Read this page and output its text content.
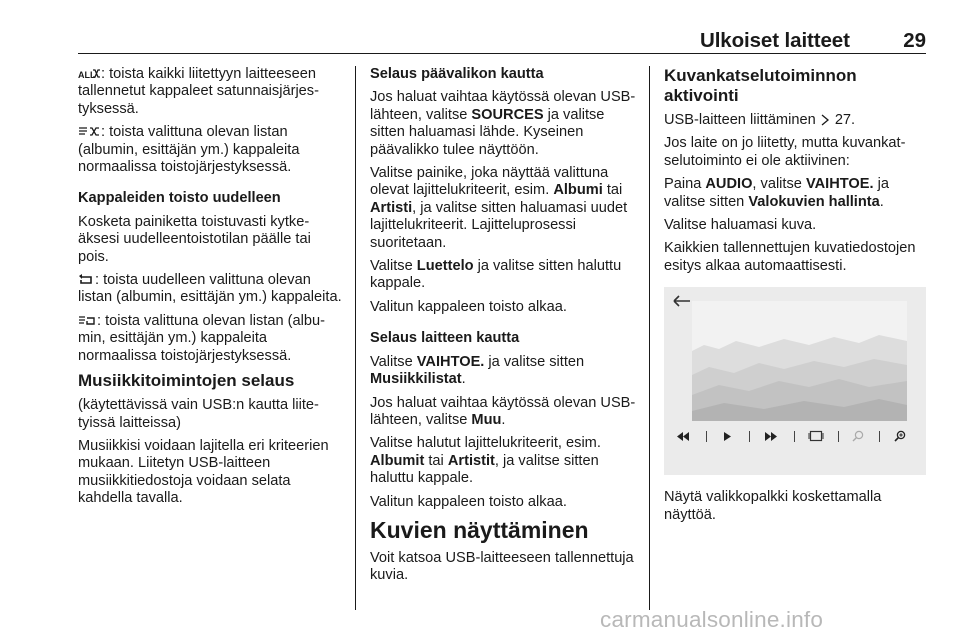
Ulkoiset laitteet	29

ALL : toista kaikki liitettyyn laitteeseen tallennetut kappaleet satunnaisjärjestyksessä.

: toista valittuna olevan listan (albumin, esittäjän ym.) kappaleita normaalissa toistojärjestyksessä.

Kappaleiden toisto uudelleen

Kosketa painiketta toistuvasti kytkeäksesi uudelleentoistotilan päälle tai pois.

: toista uudelleen valittuna olevan listan (albumin, esittäjän ym.) kappaleita.

: toista valittuna olevan listan (albumin, esittäjän ym.) kappaleita normaalissa toistojärjestyksessä.

Musiikkitoimintojen selaus

(käytettävissä vain USB:n kautta liitetyissä laitteissa)

Musiikkisi voidaan lajitella eri kriteerien mukaan. Liitetyn USB-laitteen musiikkitiedostoja voidaan selata kahdella tavalla.

Selaus päävalikon kautta

Jos haluat vaihtaa käytössä olevan USB-lähteen, valitse SOURCES ja valitse sitten haluamasi lähde. Kyseinen päävalikko tulee näyttöön.

Valitse painike, joka näyttää valittuna olevat lajittelukriteerit, esim. Albumi tai Artisti, ja valitse sitten haluamasi uudet lajittelukriteerit. Lajitteluprosessi suoritetaan.

Valitse Luettelo ja valitse sitten haluttu kappale.

Valitun kappaleen toisto alkaa.

Selaus laitteen kautta

Valitse VAIHTOE. ja valitse sitten Musiikkilistat.

Jos haluat vaihtaa käytössä olevan USB-lähteen, valitse Muu.

Valitse halutut lajittelukriteerit, esim. Albumit tai Artistit, ja valitse sitten haluttu kappale.

Valitun kappaleen toisto alkaa.

Kuvien näyttäminen

Voit katsoa USB-laitteeseen tallennettuja kuvia.

Kuvankatselutoiminnon aktivointi

USB-laitteen liittäminen  27.

Jos laite on jo liitetty, mutta kuvankatselutoiminto ei ole aktiivinen:

Paina AUDIO, valitse VAIHTOE. ja valitse sitten Valokuvien hallinta.

Valitse haluamasi kuva.

Kaikkien tallennettujen kuvatiedostojen esitys alkaa automaattisesti.

Näytä valikkopalkki koskettamalla näyttöä.

carmanualsonline.info
